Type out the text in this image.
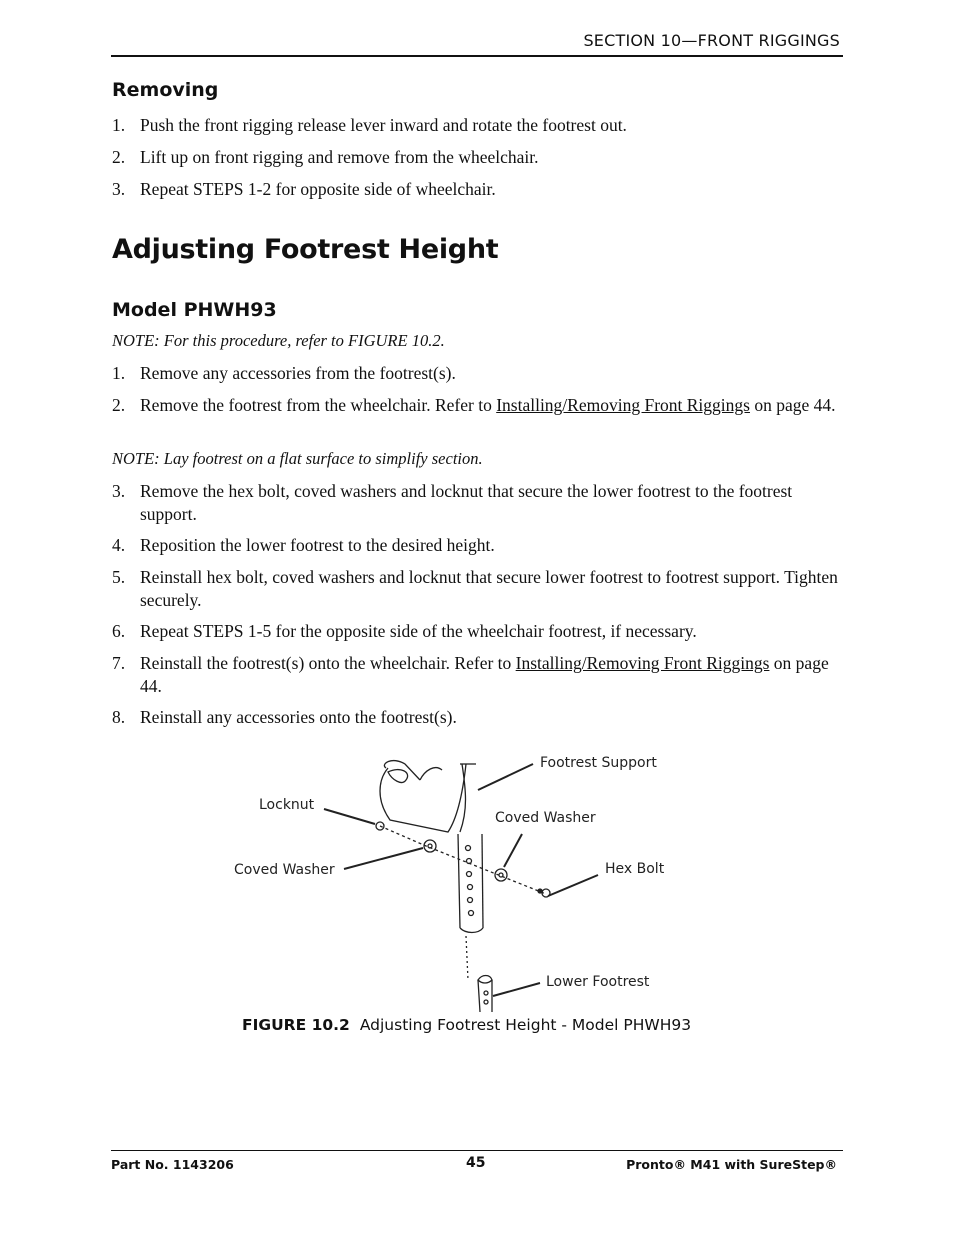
SECTION 10—FRONT RIGGINGS
Removing
1. Push the front rigging release lever inward and rotate the footrest out.
2. Lift up on front rigging and remove from the wheelchair.
3. Repeat STEPS 1-2 for opposite side of wheelchair.
Adjusting Footrest Height
Model PHWH93
NOTE: For this procedure, refer to FIGURE 10.2.
1. Remove any accessories from the footrest(s).
2. Remove the footrest from the wheelchair. Refer to Installing/Removing Front Riggings on page 44.
NOTE: Lay footrest on a flat surface to simplify section.
3. Remove the hex bolt, coved washers and locknut that secure the lower footrest to the footrest support.
4. Reposition the lower footrest to the desired height.
5. Reinstall hex bolt, coved washers and locknut that secure lower footrest to footrest support. Tighten securely.
6. Repeat STEPS 1-5 for the opposite side of the wheelchair footrest, if necessary.
7. Reinstall the footrest(s) onto the wheelchair. Refer to Installing/Removing Front Riggings on page 44.
8. Reinstall any accessories onto the footrest(s).
Footrest Support
Locknut
Coved Washer
Coved Washer	Hex Bolt
Lower Footrest
FIGURE 10.2 Adjusting Footrest Height - Model PHWH93
Part No. 1143206	45	Pronto® M41 with SureStep®
